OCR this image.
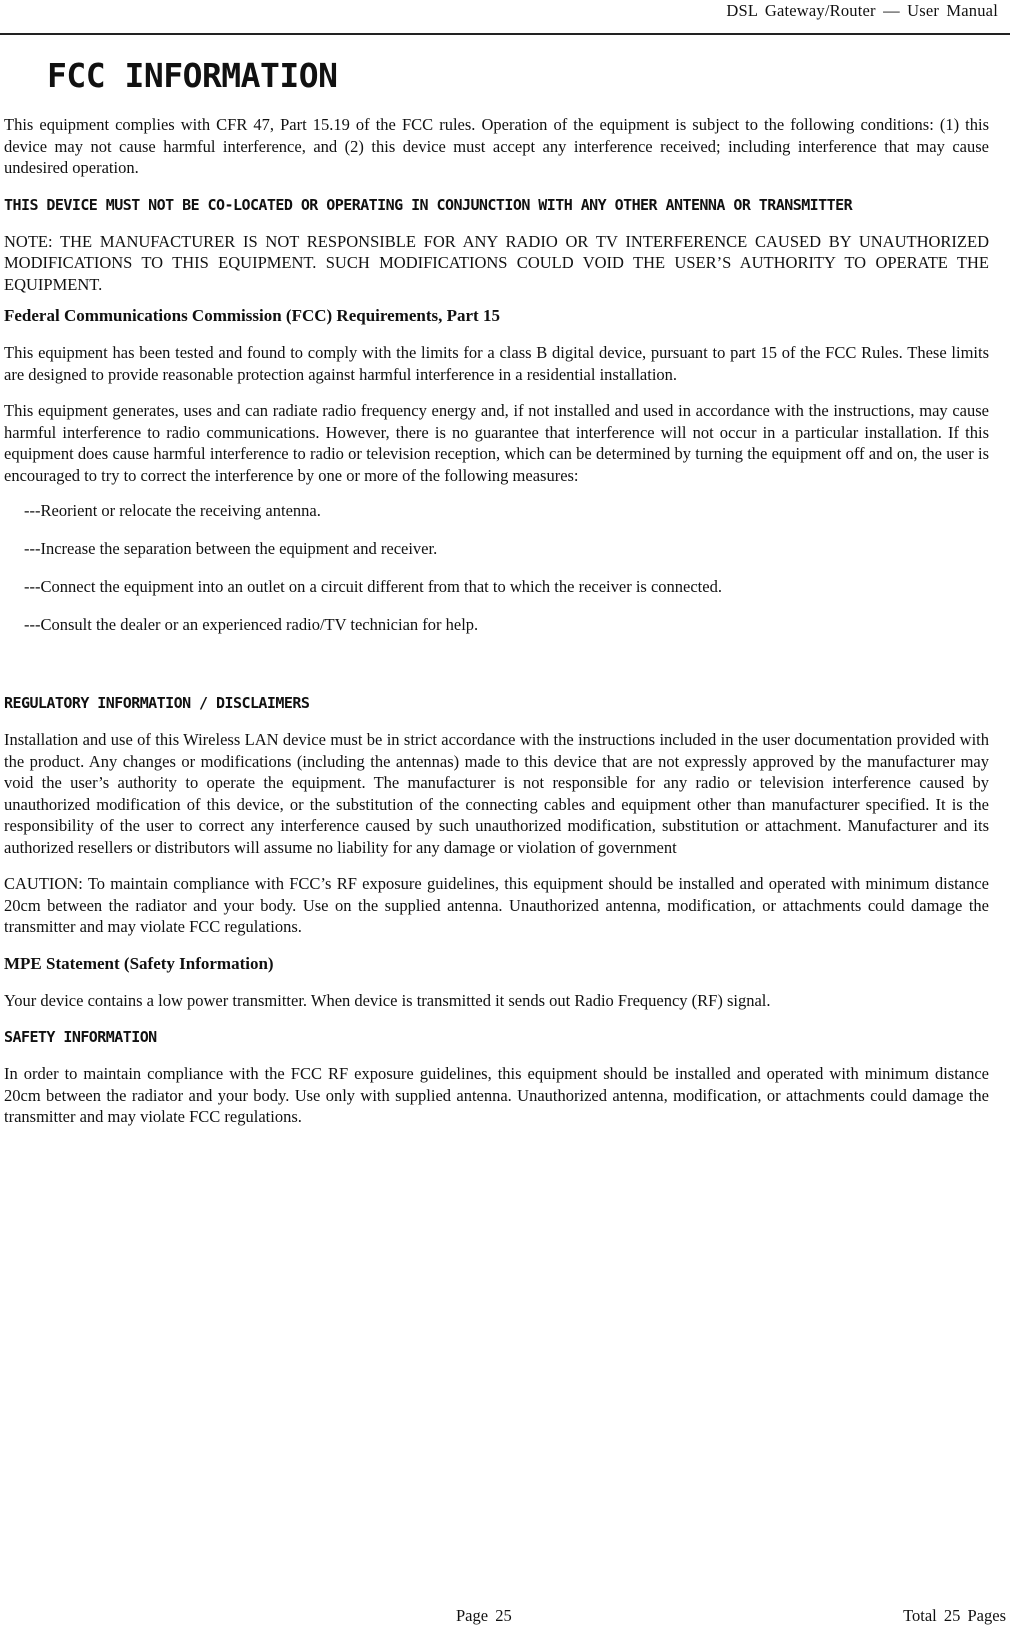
DSL Gateway/Router — User Manual
FCC INFORMATION

This equipment complies with CFR 47, Part 15.19 of the FCC rules. Operation of the equipment is subject to the following conditions: (1) this device may not cause harmful interference, and (2) this device must accept any interference received; including interference that may cause undesired operation.

THIS DEVICE MUST NOT BE CO-LOCATED OR OPERATING IN CONJUNCTION WITH ANY OTHER ANTENNA OR TRANSMITTER

NOTE: THE MANUFACTURER IS NOT RESPONSIBLE FOR ANY RADIO OR TV INTERFERENCE CAUSED BY UNAUTHORIZED MODIFICATIONS TO THIS EQUIPMENT. SUCH MODIFICATIONS COULD VOID THE USER’S AUTHORITY TO OPERATE THE EQUIPMENT.

Federal Communications Commission (FCC) Requirements, Part 15

This equipment has been tested and found to comply with the limits for a class B digital device, pursuant to part 15 of the FCC Rules. These limits are designed to provide reasonable protection against harmful interference in a residential installation.

This equipment generates, uses and can radiate radio frequency energy and, if not installed and used in accordance with the instructions, may cause harmful interference to radio communications. However, there is no guarantee that interference will not occur in a particular installation. If this equipment does cause harmful interference to radio or television reception, which can be determined by turning the equipment off and on, the user is encouraged to try to correct the interference by one or more of the following measures:

---Reorient or relocate the receiving antenna.

---Increase the separation between the equipment and receiver.

---Connect the equipment into an outlet on a circuit different from that to which the receiver is connected.

---Consult the dealer or an experienced radio/TV technician for help.

REGULATORY INFORMATION / DISCLAIMERS

Installation and use of this Wireless LAN device must be in strict accordance with the instructions included in the user documentation provided with the product. Any changes or modifications (including the antennas) made to this device that are not expressly approved by the manufacturer may void the user’s authority to operate the equipment. The manufacturer is not responsible for any radio or television interference caused by unauthorized modification of this device, or the substitution of the connecting cables and equipment other than manufacturer specified. It is the responsibility of the user to correct any interference caused by such unauthorized modification, substitution or attachment. Manufacturer and its authorized resellers or distributors will assume no liability for any damage or violation of government

CAUTION: To maintain compliance with FCC’s RF exposure guidelines, this equipment should be installed and operated with minimum distance 20cm between the radiator and your body. Use on the supplied antenna. Unauthorized antenna, modification, or attachments could damage the transmitter and may violate FCC regulations.

MPE Statement (Safety Information)

Your device contains a low power transmitter. When device is transmitted it sends out Radio Frequency (RF) signal.

SAFETY INFORMATION

In order to maintain compliance with the FCC RF exposure guidelines, this equipment should be installed and operated with minimum distance 20cm between the radiator and your body. Use only with supplied antenna. Unauthorized antenna, modification, or attachments could damage the transmitter and may violate FCC regulations.

Page 25	Total 25 Pages
